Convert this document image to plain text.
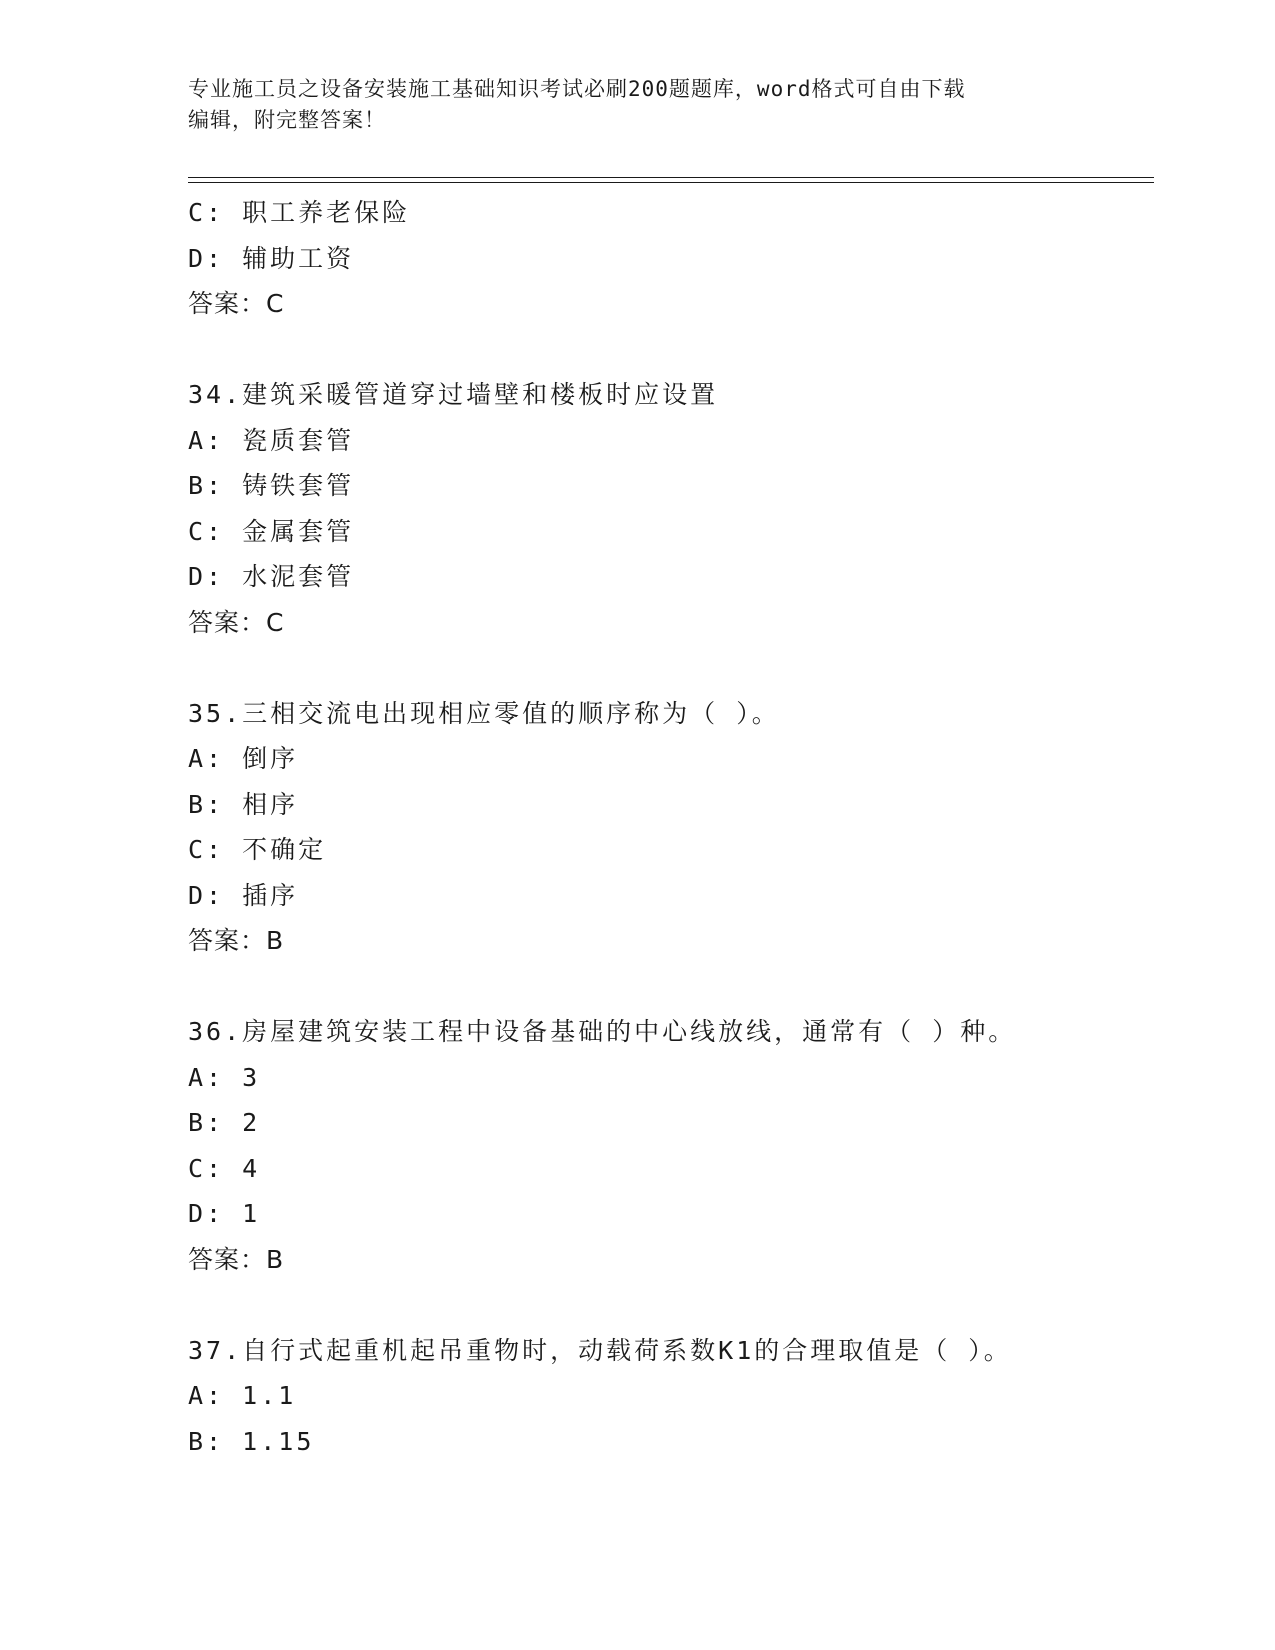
专业施工员之设备安装施工基础知识考试必刷200题题库，word格式可自由下载
编辑，附完整答案！
C: 职工养老保险
D: 辅助工资
答案：C
34.建筑采暖管道穿过墙壁和楼板时应设置
A: 瓷质套管
B: 铸铁套管
C: 金属套管
D: 水泥套管
答案：C
35.三相交流电出现相应零值的顺序称为（ ）。
A: 倒序
B: 相序
C: 不确定
D: 插序
答案：B
36.房屋建筑安装工程中设备基础的中心线放线，通常有（ ）种。
A: 3
B: 2
C: 4
D: 1
答案：B
37.自行式起重机起吊重物时，动载荷系数K1的合理取值是（ ）。
A: 1.1
B: 1.15
